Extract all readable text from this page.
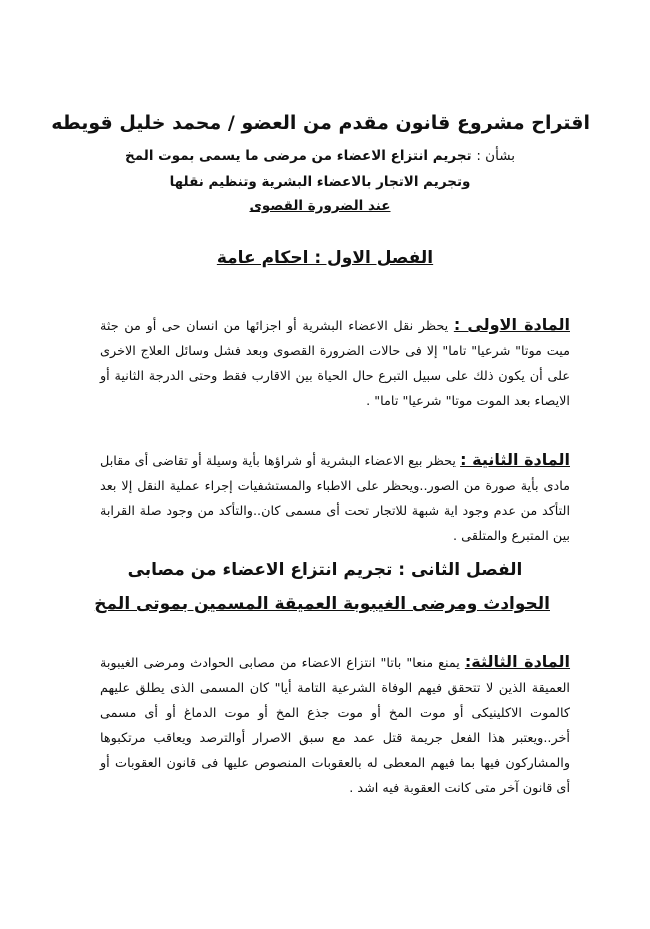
اقتراح مشروع قانون مقدم من العضو / محمد خليل قويطه
بشأن : تجريم انتزاع الاعضاء من مرضى ما يسمى بموت المخ
وتجريم الاتجار بالاعضاء البشرية وتنظيم نقلها
عند الضرورة القصوى
الفصل الاول : احكام عامة
المادة الاولى : يحظر نقل الاعضاء البشرية أو اجزائها من انسان حى أو من جثة ميت موتا" شرعيا" تاما" إلا فى حالات الضرورة القصوى وبعد فشل وسائل العلاج الاخرى على أن يكون ذلك على سبيل التبرع حال الحياة بين الاقارب فقط وحتى الدرجة الثانية أو الايصاء بعد الموت موتا" شرعيا" تاما" .
المادة الثانية : يحظر بيع الاعضاء البشرية أو شراؤها بأية وسيلة أو تقاضى أى مقابل مادى بأية صورة من الصور..ويحظر على الاطباء والمستشفيات إجراء عملية النقل إلا بعد التأكد من عدم وجود اية شبهة للاتجار تحت أى مسمى كان..والتأكد من وجود صلة القرابة بين المتبرع والمتلقى .
الفصل الثانى : تجريم انتزاع الاعضاء من مصابى
الحوادث ومرضى الغيبوبة العميقة المسمين بموتى المخ
المادة الثالثة: يمنع منعا" باتا" انتزاع الاعضاء من مصابى الحوادث ومرضى الغيبوبة العميقة الذين لا تتحقق فيهم الوفاة الشرعية التامة أيا" كان المسمى الذى يطلق عليهم كالموت الاكلينيكى أو موت المخ أو موت جذع المخ أو موت الدماغ أو أى مسمى أخر..ويعتبر هذا الفعل جريمة قتل عمد مع سبق الاصرار أوالترصد ويعاقب مرتكبوها والمشاركون فيها بما فيهم المعطى له بالعقوبات المنصوص عليها فى قانون العقوبات أو أى قانون آخر متى كانت العقوبة فيه اشد .
